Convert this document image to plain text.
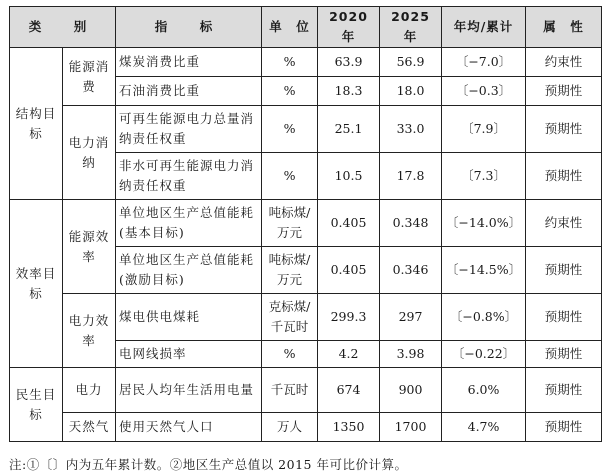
类　别		指　标	单　位	2020 年	2025 年	年均/累计	属　性

结构目标	能源消费	煤炭消费比重	%	63.9	56.9	〔−7.0〕	约束性
		石油消费比重	%	18.3	18.0	〔−0.3〕	预期性

	电力消纳	可再生能源电力总量消纳责任权重	%	25.1	33.0	〔7.9〕	预期性
		非水可再生能源电力消纳责任权重	%	10.5	17.8	〔7.3〕	预期性

效率目标	能源效率	单位地区生产总值能耗(基本目标)	吨标煤/万元	0.405	0.348	〔−14.0%〕	约束性
		单位地区生产总值能耗(激励目标)	吨标煤/万元	0.405	0.346	〔−14.5%〕	预期性

	电力效率	煤电供电煤耗	克标煤/千瓦时	299.3	297	〔−0.8%〕	预期性
		电网线损率	%	4.2	3.98	〔−0.22〕	预期性

民生目标	电力	居民人均年生活用电量	千瓦时	674	900	6.0%	预期性
	天然气	使用天然气人口	万人	1350	1700	4.7%	预期性
注:①〔〕内为五年累计数。②地区生产总值以 2015 年可比价计算。
